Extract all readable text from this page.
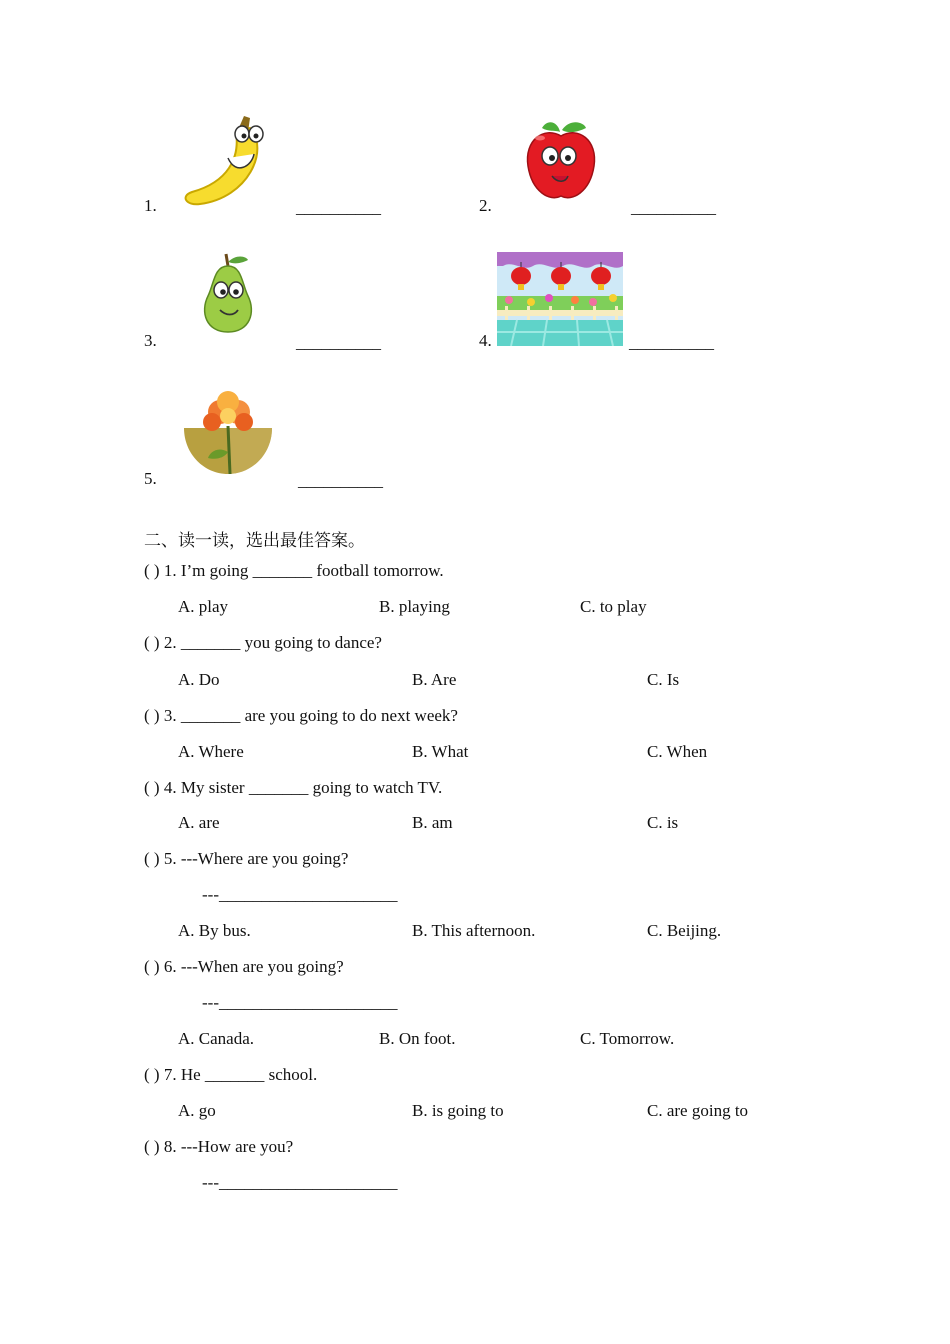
1.	__________	2.	__________
3.	__________	4.	__________
5.	__________
二、读一读，选出最佳答案。
( ) 1. I’m going _______ football tomorrow.
A. play	B. playing	C. to play
( ) 2. _______ you going to dance?
A. Do	B. Are	C. Is
( ) 3. _______ are you going to do next week?
A. Where	B. What	C. When
( ) 4. My sister _______ going to watch TV.
A. are	B. am	C. is
( ) 5. ---Where are you going?
---_____________________
A. By bus.	B. This afternoon.	C. Beijing.
( ) 6. ---When are you going?
---_____________________
A. Canada.	B. On foot.	C. Tomorrow.
( ) 7. He _______ school.
A. go	B. is going to	C. are going to
( ) 8. ---How are you?
---_____________________
